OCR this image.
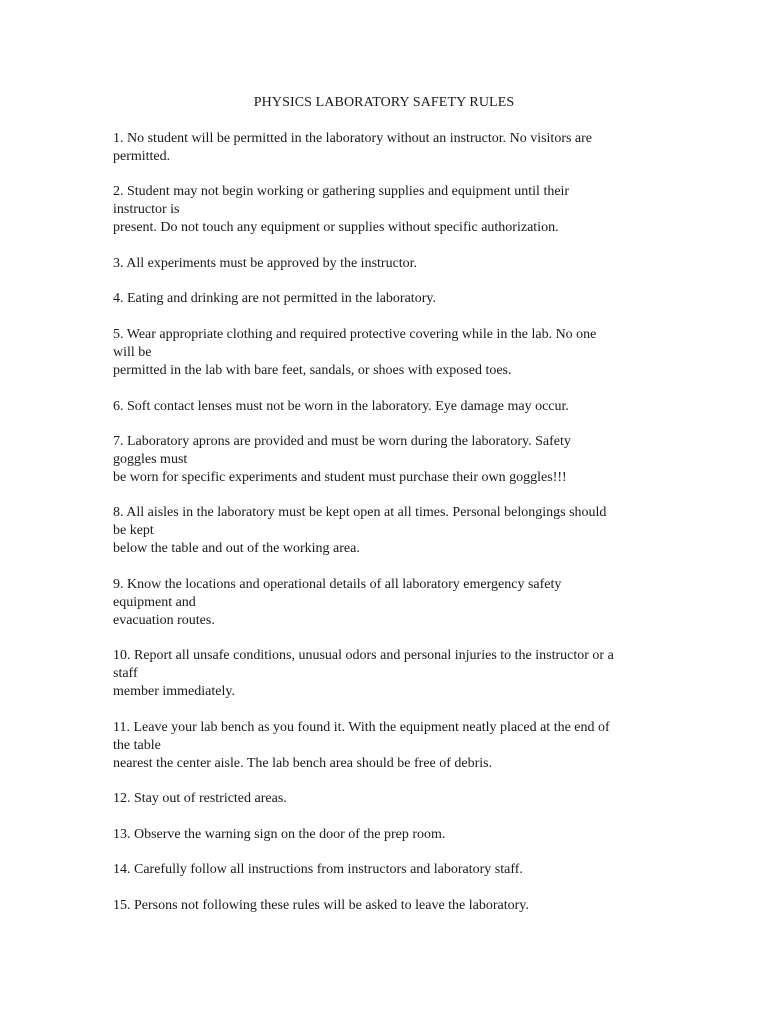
PHYSICS LABORATORY SAFETY RULES
1. No student will be permitted in the laboratory without an instructor. No visitors are
permitted.
2. Student may not begin working or gathering supplies and equipment until their
instructor is
present. Do not touch any equipment or supplies without specific authorization.
3. All experiments must be approved by the instructor.
4. Eating and drinking are not permitted in the laboratory.
5. Wear appropriate clothing and required protective covering while in the lab. No one
will be
permitted in the lab with bare feet, sandals, or shoes with exposed toes.
6. Soft contact lenses must not be worn in the laboratory. Eye damage may occur.
7. Laboratory aprons are provided and must be worn during the laboratory. Safety
goggles must
be worn for specific experiments and student must purchase their own goggles!!!
8. All aisles in the laboratory must be kept open at all times. Personal belongings should
be kept
below the table and out of the working area.
9. Know the locations and operational details of all laboratory emergency safety
equipment and
evacuation routes.
10. Report all unsafe conditions, unusual odors and personal injuries to the instructor or a
staff
member immediately.
11. Leave your lab bench as you found it. With the equipment neatly placed at the end of
the table
nearest the center aisle. The lab bench area should be free of debris.
12. Stay out of restricted areas.
13. Observe the warning sign on the door of the prep room.
14. Carefully follow all instructions from instructors and laboratory staff.
15. Persons not following these rules will be asked to leave the laboratory.
